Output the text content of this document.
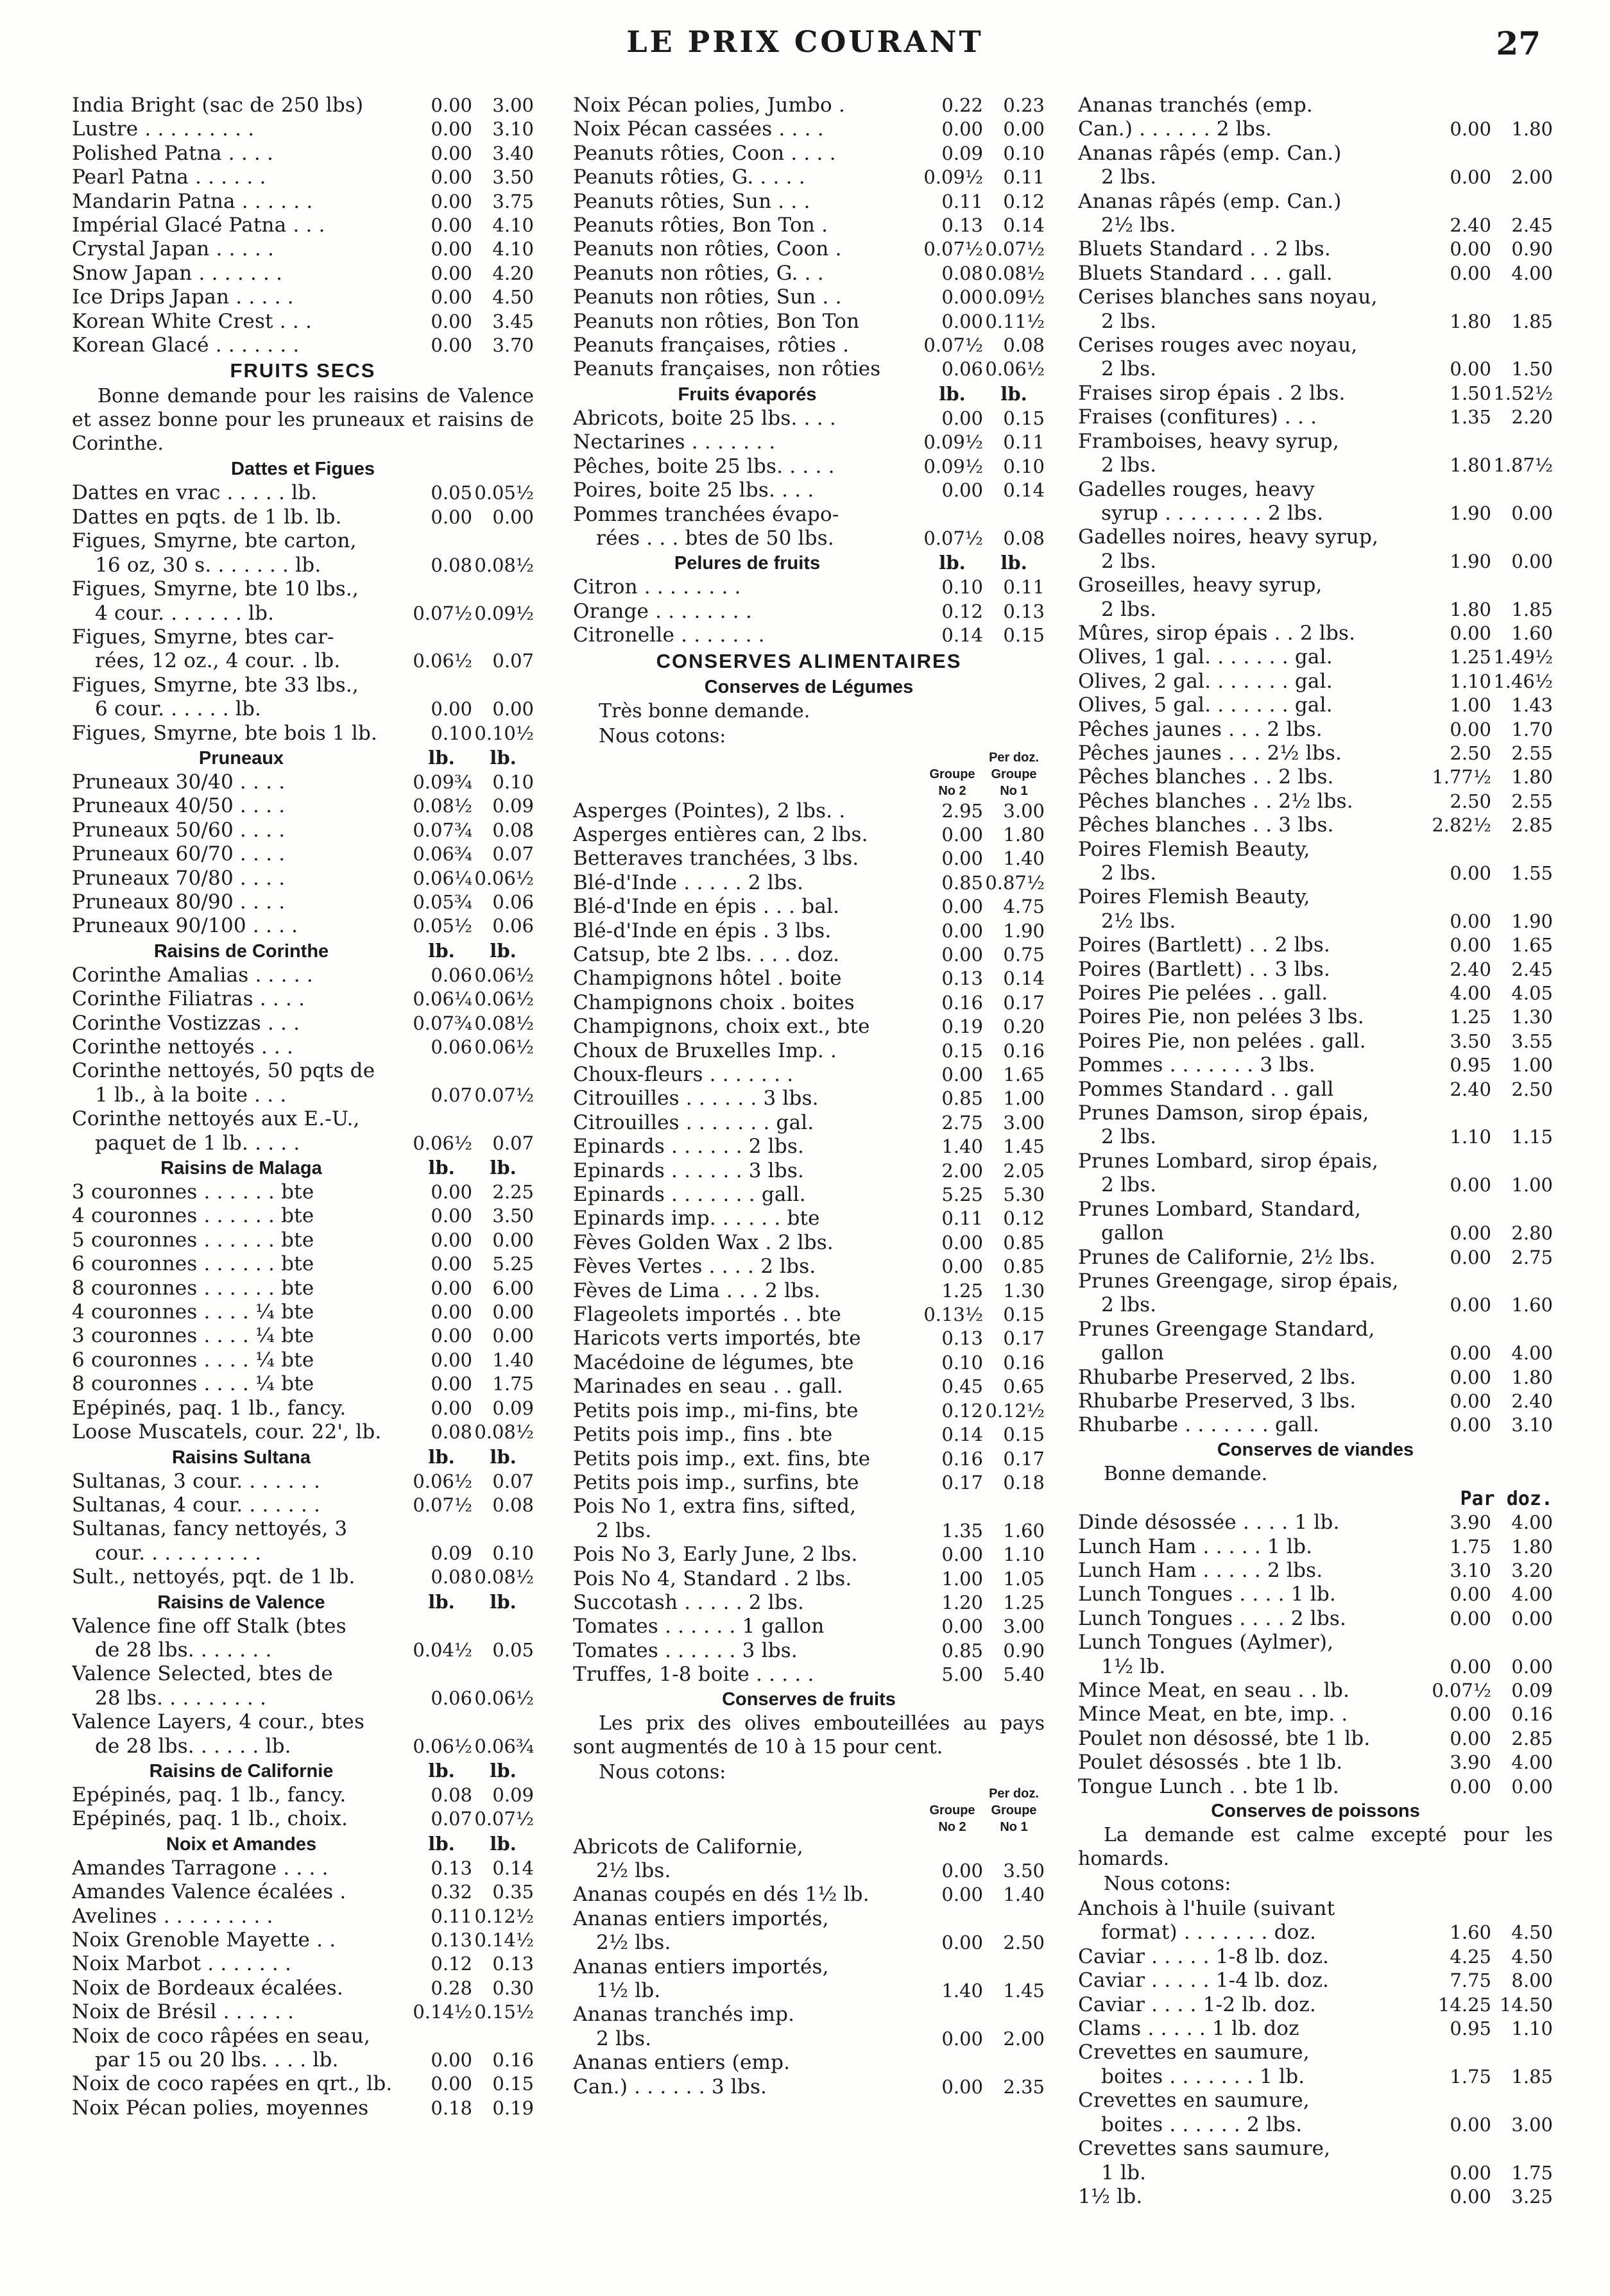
LE PRIX COURANT	27
India Bright (sac de 250 lbs)	0.00	3.00
Lustre . . . . . . . . .	0.00	3.10
Polished Patna . . . .	0.00	3.40
Pearl Patna . . . . . .	0.00	3.50
Mandarin Patna . . . . . .	0.00	3.75
Impérial Glacé Patna . . .	0.00	4.10
Crystal Japan . . . . .	0.00	4.10
Snow Japan . . . . . . .	0.00	4.20
Ice Drips Japan . . . . .	0.00	4.50
Korean White Crest . . .	0.00	3.45
Korean Glacé . . . . . . .	0.00	3.70
FRUITS SECS
Bonne demande pour les raisins de Valence et assez bonne pour les pruneaux et raisins de Corinthe.
Dattes et Figues
Dattes en vrac . . . . . lb.	0.05 0.05½
Dattes en pqts. de 1 lb. lb.	0.00	0.00
Figues, Smyrne, bte carton,
16 oz, 30 s. . . . . . . lb.	0.08 0.08½
Figues, Smyrne, bte 10 lbs.,
4 cour. . . . . . . lb.	0.07½ 0.09½
Figues, Smyrne, btes car-
rées, 12 oz., 4 cour. . lb.	0.06½	0.07
Figues, Smyrne, bte 33 lbs.,
6 cour. . . . . . lb.	0.00	0.00
Figues, Smyrne, bte bois 1 lb.	0.10 0.10½
Pruneaux	lb.	lb.
Pruneaux 30/40 . . . .	0.09¾	0.10
Pruneaux 40/50 . . . .	0.08½	0.09
Pruneaux 50/60 . . . .	0.07¾	0.08
Pruneaux 60/70 . . . .	0.06¾	0.07
Pruneaux 70/80 . . . .	0.06¼ 0.06½
Pruneaux 80/90 . . . .	0.05¾	0.06
Pruneaux 90/100 . . . .	0.05½	0.06
Raisins de Corinthe	lb.	lb.
Corinthe Amalias . . . . .	0.06 0.06½
Corinthe Filiatras . . . .	0.06¼ 0.06½
Corinthe Vostizzas . . .	0.07¾ 0.08½
Corinthe nettoyés . . .	0.06 0.06½
Corinthe nettoyés, 50 pqts de
1 lb., à la boite . . .	0.07 0.07½
Corinthe nettoyés aux E.-U.,
paquet de 1 lb. . . . .	0.06½	0.07
Raisins de Malaga	lb.	lb.
3 couronnes . . . . . . bte	0.00	2.25
4 couronnes . . . . . . bte	0.00	3.50
5 couronnes . . . . . . bte	0.00	0.00
6 couronnes . . . . . . bte	0.00	5.25
8 couronnes . . . . . . bte	0.00	6.00
4 couronnes . . . . ¼ bte	0.00	0.00
3 couronnes . . . . ¼ bte	0.00	0.00
6 couronnes . . . . ¼ bte	0.00	1.40
8 couronnes . . . . ¼ bte	0.00	1.75
Epépinés, paq. 1 lb., fancy.	0.00	0.09
Loose Muscatels, cour. 22', lb.	0.08 0.08½
Raisins Sultana	lb.	lb.
Sultanas, 3 cour. . . . . . .	0.06½	0.07
Sultanas, 4 cour. . . . . . .	0.07½	0.08
Sultanas, fancy nettoyés, 3
cour. . . . . . . . . .	0.09	0.10
Sult., nettoyés, pqt. de 1 lb.	0.08 0.08½
Raisins de Valence	lb.	lb.
Valence fine off Stalk (btes
de 28 lbs. . . . . . .	0.04½	0.05
Valence Selected, btes de
28 lbs. . . . . . . . .	0.06 0.06½
Valence Layers, 4 cour., btes
de 28 lbs. . . . . . lb.	0.06½ 0.06¾
Raisins de Californie	lb.	lb.
Epépinés, paq. 1 lb., fancy.	0.08	0.09
Epépinés, paq. 1 lb., choix.	0.07 0.07½
Noix et Amandes	lb.	lb.
Amandes Tarragone . . . .	0.13	0.14
Amandes Valence écalées .	0.32	0.35
Avelines . . . . . . . . .	0.11 0.12½
Noix Grenoble Mayette . .	0.13 0.14½
Noix Marbot . . . . . . .	0.12	0.13
Noix de Bordeaux écalées.	0.28	0.30
Noix de Brésil . . . . . .	0.14½ 0.15½
Noix de coco râpées en seau,
par 15 ou 20 lbs. . . . lb.	0.00	0.16
Noix de coco rapées en qrt., lb.	0.00	0.15
Noix Pécan polies, moyennes	0.18	0.19
Noix Pécan polies, Jumbo .	0.22	0.23
Noix Pécan cassées . . . .	0.00	0.00
Peanuts rôties, Coon . . . .	0.09	0.10
Peanuts rôties, G. . . . .	0.09½	0.11
Peanuts rôties, Sun . . .	0.11	0.12
Peanuts rôties, Bon Ton .	0.13	0.14
Peanuts non rôties, Coon .	0.07½ 0.07½
Peanuts non rôties, G. . .	0.08 0.08½
Peanuts non rôties, Sun . .	0.00 0.09½
Peanuts non rôties, Bon Ton	0.00 0.11½
Peanuts françaises, rôties .	0.07½	0.08
Peanuts françaises, non rôties	0.06 0.06½
Fruits évaporés	lb.	lb.
Abricots, boite 25 lbs. . . .	0.00	0.15
Nectarines . . . . . . .	0.09½	0.11
Pêches, boite 25 lbs. . . . .	0.09½	0.10
Poires, boite 25 lbs. . . .	0.00	0.14
Pommes tranchées évapo-
rées . . . btes de 50 lbs.	0.07½	0.08
Pelures de fruits	lb.	lb.
Citron . . . . . . . .	0.10	0.11
Orange . . . . . . . .	0.12	0.13
Citronelle . . . . . . .	0.14	0.15
CONSERVES ALIMENTAIRES
Conserves de Légumes
Très bonne demande.
Nous cotons:
Per doz.
Groupe	Groupe
No 2	No 1
Asperges (Pointes), 2 lbs. .	2.95	3.00
Asperges entières can, 2 lbs.	0.00	1.80
Betteraves tranchées, 3 lbs.	0.00	1.40
Blé-d'Inde . . . . . 2 lbs.	0.85 0.87½
Blé-d'Inde en épis . . . bal.	0.00	4.75
Blé-d'Inde en épis . 3 lbs.	0.00	1.90
Catsup, bte 2 lbs. . . . doz.	0.00	0.75
Champignons hôtel . boite	0.13	0.14
Champignons choix . boites	0.16	0.17
Champignons, choix ext., bte	0.19	0.20
Choux de Bruxelles Imp. .	0.15	0.16
Choux-fleurs . . . . . . .	0.00	1.65
Citrouilles . . . . . . 3 lbs.	0.85	1.00
Citrouilles . . . . . . . gal.	2.75	3.00
Epinards . . . . . . 2 lbs.	1.40	1.45
Epinards . . . . . . 3 lbs.	2.00	2.05
Epinards . . . . . . . gall.	5.25	5.30
Epinards imp. . . . . . bte	0.11	0.12
Fèves Golden Wax . 2 lbs.	0.00	0.85
Fèves Vertes . . . . 2 lbs.	0.00	0.85
Fèves de Lima . . . 2 lbs.	1.25	1.30
Flageolets importés . . bte	0.13½	0.15
Haricots verts importés, bte	0.13	0.17
Macédoine de légumes, bte	0.10	0.16
Marinades en seau . . gall.	0.45	0.65
Petits pois imp., mi-fins, bte	0.12 0.12½
Petits pois imp., fins . bte	0.14	0.15
Petits pois imp., ext. fins, bte	0.16	0.17
Petits pois imp., surfins, bte	0.17	0.18
Pois No 1, extra fins, sifted,
2 lbs.	1.35	1.60
Pois No 3, Early June, 2 lbs.	0.00	1.10
Pois No 4, Standard . 2 lbs.	1.00	1.05
Succotash . . . . . 2 lbs.	1.20	1.25
Tomates . . . . . . 1 gallon	0.00	3.00
Tomates . . . . . . 3 lbs.	0.85	0.90
Truffes, 1-8 boite . . . . .	5.00	5.40
Conserves de fruits
Les prix des olives embouteillées au pays sont augmentés de 10 à 15 pour cent.
Nous cotons:
Per doz.
Groupe	Groupe
No 2	No 1
Abricots de Californie,
2½ lbs.	0.00	3.50
Ananas coupés en dés 1½ lb.	0.00	1.40
Ananas entiers importés,
2½ lbs.	0.00	2.50
Ananas entiers importés,
1½ lb.	1.40	1.45
Ananas tranchés imp.
2 lbs.	0.00	2.00
Ananas entiers (emp.
Can.) . . . . . . 3 lbs.	0.00	2.35
Ananas tranchés (emp.
Can.) . . . . . . 2 lbs.	0.00	1.80
Ananas râpés (emp. Can.)
2 lbs.	0.00	2.00
Ananas râpés (emp. Can.)
2½ lbs.	2.40	2.45
Bluets Standard . . 2 lbs.	0.00	0.90
Bluets Standard . . . gall.	0.00	4.00
Cerises blanches sans noyau,
2 lbs.	1.80	1.85
Cerises rouges avec noyau,
2 lbs.	0.00	1.50
Fraises sirop épais . 2 lbs.	1.50 1.52½
Fraises (confitures) . . .	1.35	2.20
Framboises, heavy syrup,
2 lbs.	1.80 1.87½
Gadelles rouges, heavy
syrup . . . . . . . . 2 lbs.	1.90	0.00
Gadelles noires, heavy syrup,
2 lbs.	1.90	0.00
Groseilles, heavy syrup,
2 lbs.	1.80	1.85
Mûres, sirop épais . . 2 lbs.	0.00	1.60
Olives, 1 gal. . . . . . . gal.	1.25 1.49½
Olives, 2 gal. . . . . . . gal.	1.10 1.46½
Olives, 5 gal. . . . . . . gal.	1.00	1.43
Pêches jaunes . . . 2 lbs.	0.00	1.70
Pêches jaunes . . . 2½ lbs.	2.50	2.55
Pêches blanches . . 2 lbs.	1.77½	1.80
Pêches blanches . . 2½ lbs.	2.50	2.55
Pêches blanches . . 3 lbs.	2.82½	2.85
Poires Flemish Beauty,
2 lbs.	0.00	1.55
Poires Flemish Beauty,
2½ lbs.	0.00	1.90
Poires (Bartlett) . . 2 lbs.	0.00	1.65
Poires (Bartlett) . . 3 lbs.	2.40	2.45
Poires Pie pelées . . gall.	4.00	4.05
Poires Pie, non pelées 3 lbs.	1.25	1.30
Poires Pie, non pelées . gall.	3.50	3.55
Pommes . . . . . . . 3 lbs.	0.95	1.00
Pommes Standard . . gall	2.40	2.50
Prunes Damson, sirop épais,
2 lbs.	1.10	1.15
Prunes Lombard, sirop épais,
2 lbs.	0.00	1.00
Prunes Lombard, Standard,
gallon	0.00	2.80
Prunes de Californie, 2½ lbs.	0.00	2.75
Prunes Greengage, sirop épais,
2 lbs.	0.00	1.60
Prunes Greengage Standard,
gallon	0.00	4.00
Rhubarbe Preserved, 2 lbs.	0.00	1.80
Rhubarbe Preserved, 3 lbs.	0.00	2.40
Rhubarbe . . . . . . . gall.	0.00	3.10
Conserves de viandes
Bonne demande.
Par doz.
Dinde désossée . . . . 1 lb.	3.90	4.00
Lunch Ham . . . . . 1 lb.	1.75	1.80
Lunch Ham . . . . . 2 lbs.	3.10	3.20
Lunch Tongues . . . . 1 lb.	0.00	4.00
Lunch Tongues . . . . 2 lbs.	0.00	0.00
Lunch Tongues (Aylmer),
1½ lb.	0.00	0.00
Mince Meat, en seau . . lb.	0.07½	0.09
Mince Meat, en bte, imp. .	0.00	0.16
Poulet non désossé, bte 1 lb.	0.00	2.85
Poulet désossés . bte 1 lb.	3.90	4.00
Tongue Lunch . . bte 1 lb.	0.00	0.00
Conserves de poissons
La demande est calme excepté pour les homards.
Nous cotons:
Anchois à l'huile (suivant
format) . . . . . . . doz.	1.60	4.50
Caviar . . . . . 1-8 lb. doz.	4.25	4.50
Caviar . . . . . 1-4 lb. doz.	7.75	8.00
Caviar . . . . 1-2 lb. doz.	14.25 14.50
Clams . . . . . 1 lb. doz	0.95	1.10
Crevettes en saumure,
boites . . . . . . . 1 lb.	1.75	1.85
Crevettes en saumure,
boites . . . . . . 2 lbs.	0.00	3.00
Crevettes sans saumure,
1 lb.	0.00	1.75
1½ lb.	0.00	3.25
